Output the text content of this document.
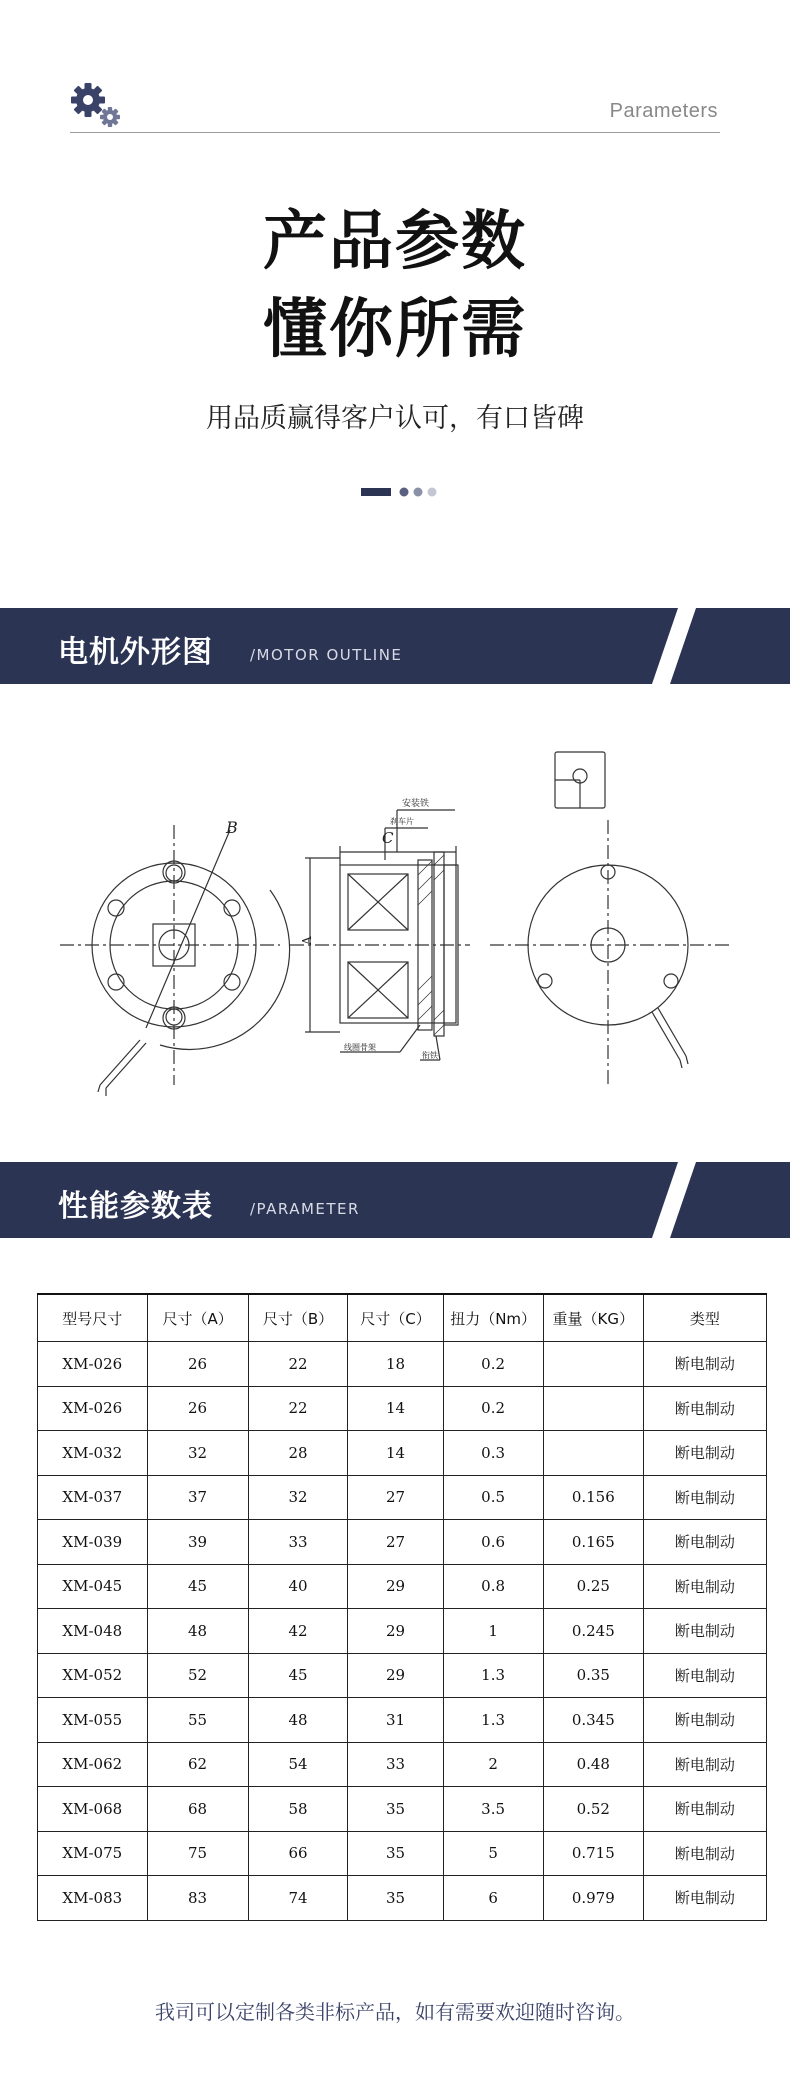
Parameters
产品参数
懂你所需
用品质赢得客户认可，有口皆碑
电机外形图 /MOTOR OUTLINE
B
C
A
安装铁
刹车片
线圈骨架
衔铁
性能参数表 /PARAMETER
型号尺寸	尺寸（A）	尺寸（B）	尺寸（C）	扭力（Nm）	重量（KG）	类型
XM-026	26	22	18	0.2		断电制动
XM-026	26	22	14	0.2		断电制动
XM-032	32	28	14	0.3		断电制动
XM-037	37	32	27	0.5	0.156	断电制动
XM-039	39	33	27	0.6	0.165	断电制动
XM-045	45	40	29	0.8	0.25	断电制动
XM-048	48	42	29	1	0.245	断电制动
XM-052	52	45	29	1.3	0.35	断电制动
XM-055	55	48	31	1.3	0.345	断电制动
XM-062	62	54	33	2	0.48	断电制动
XM-068	68	58	35	3.5	0.52	断电制动
XM-075	75	66	35	5	0.715	断电制动
XM-083	83	74	35	6	0.979	断电制动
我司可以定制各类非标产品，如有需要欢迎随时咨询。
